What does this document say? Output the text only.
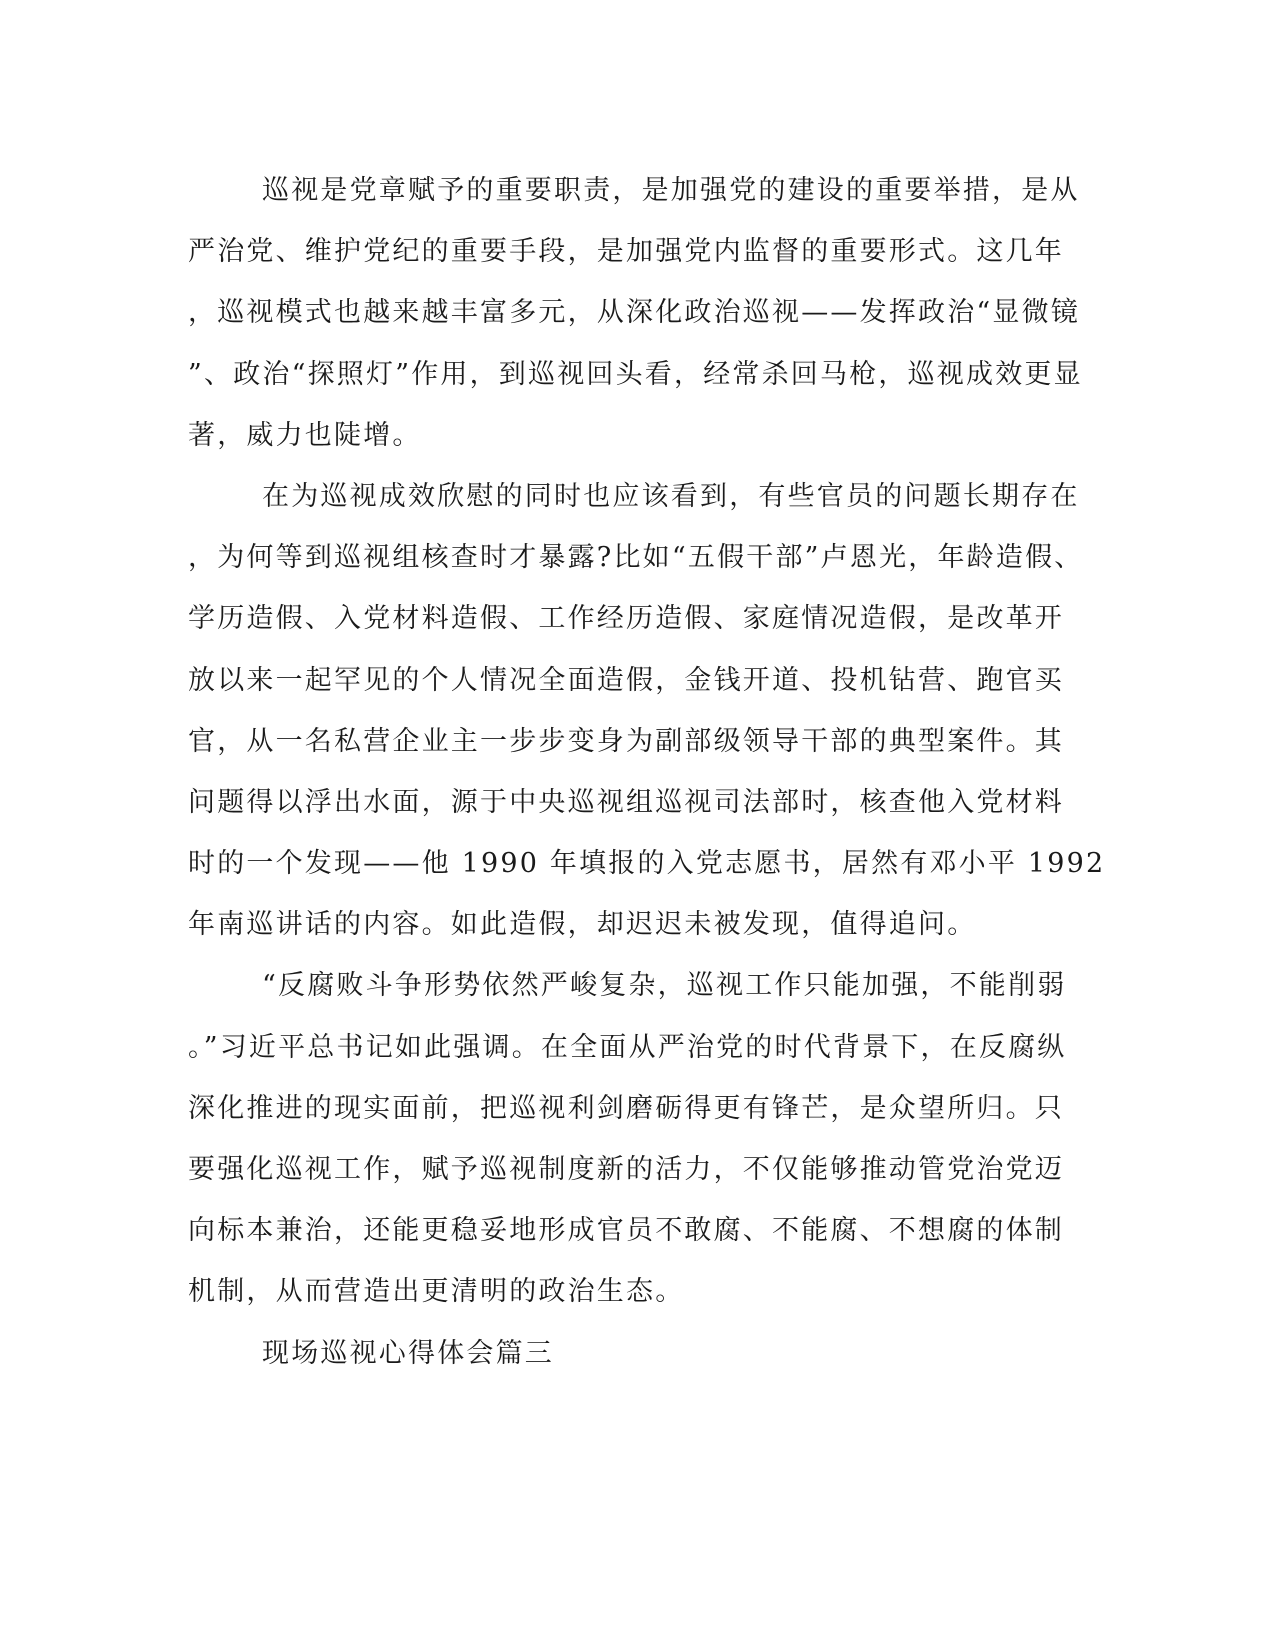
巡视是党章赋予的重要职责，是加强党的建设的重要举措，是从
严治党、维护党纪的重要手段，是加强党内监督的重要形式。这几年
，巡视模式也越来越丰富多元，从深化政治巡视——发挥政治“显微镜
”、政治“探照灯”作用，到巡视回头看，经常杀回马枪，巡视成效更显
著，威力也陡增。
在为巡视成效欣慰的同时也应该看到，有些官员的问题长期存在
，为何等到巡视组核查时才暴露?比如“五假干部”卢恩光，年龄造假、
学历造假、入党材料造假、工作经历造假、家庭情况造假，是改革开
放以来一起罕见的个人情况全面造假，金钱开道、投机钻营、跑官买
官，从一名私营企业主一步步变身为副部级领导干部的典型案件。其
问题得以浮出水面，源于中央巡视组巡视司法部时，核查他入党材料
时的一个发现——他 1990 年填报的入党志愿书，居然有邓小平 1992
年南巡讲话的内容。如此造假，却迟迟未被发现，值得追问。
“反腐败斗争形势依然严峻复杂，巡视工作只能加强，不能削弱
。”习近平总书记如此强调。在全面从严治党的时代背景下，在反腐纵
深化推进的现实面前，把巡视利剑磨砺得更有锋芒，是众望所归。只
要强化巡视工作，赋予巡视制度新的活力，不仅能够推动管党治党迈
向标本兼治，还能更稳妥地形成官员不敢腐、不能腐、不想腐的体制
机制，从而营造出更清明的政治生态。
现场巡视心得体会篇三
